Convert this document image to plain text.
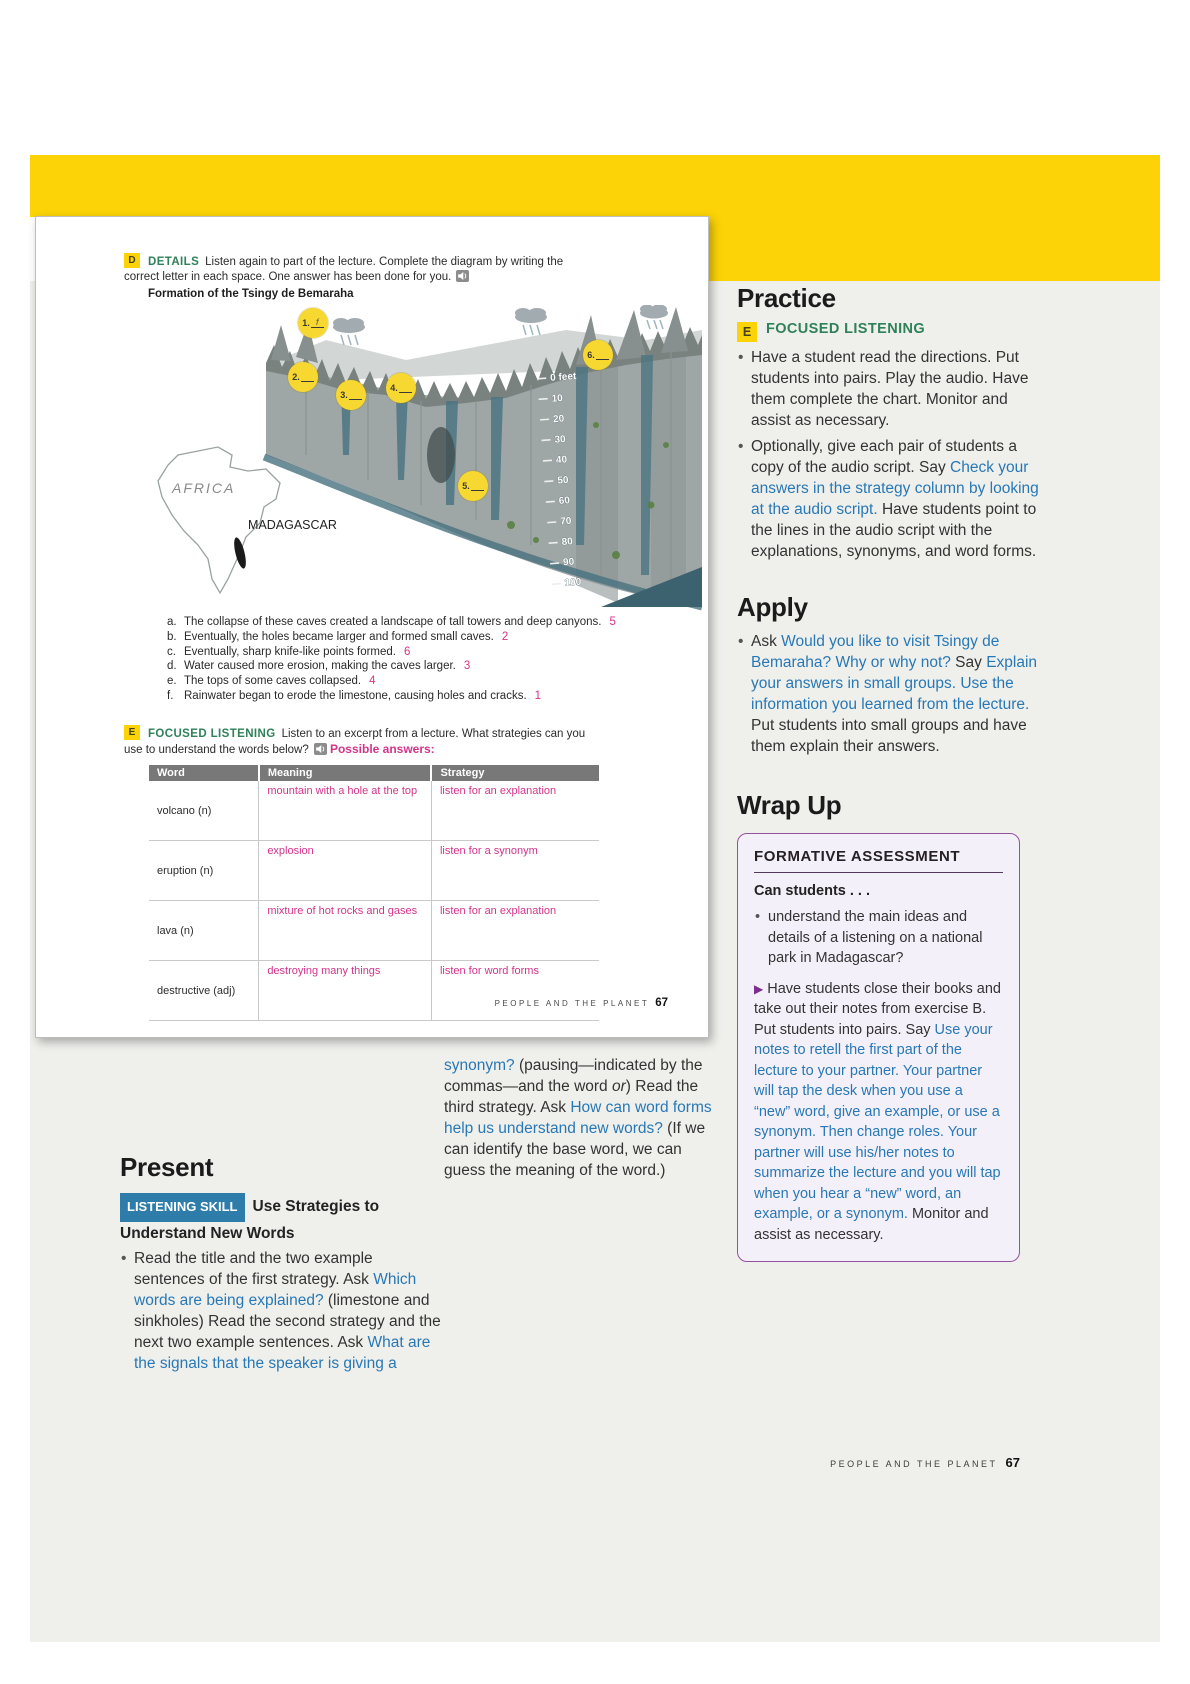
D DETAILS Listen again to part of the lecture. Complete the diagram by writing the correct letter in each space. One answer has been done for you.
Formation of the Tsingy de Bemaraha
0 feet
10
20
30
40
50
60
70
80
90
100
AFRICA
MADAGASCAR
1. f
2.
3.
4.
5.
6.
a. The collapse of these caves created a landscape of tall towers and deep canyons. 5
b. Eventually, the holes became larger and formed small caves. 2
c. Eventually, sharp knife-like points formed. 6
d. Water caused more erosion, making the caves larger. 3
e. The tops of some caves collapsed. 4
f. Rainwater began to erode the limestone, causing holes and cracks. 1
E FOCUSED LISTENING Listen to an excerpt from a lecture. What strategies can you use to understand the words below? Possible answers:
Word	Meaning	Strategy
volcano (n)	mountain with a hole at the top	listen for an explanation
eruption (n)	explosion	listen for a synonym
lava (n)	mixture of hot rocks and gases	listen for an explanation
destructive (adj)	destroying many things	listen for word forms
PEOPLE AND THE PLANET 67
Practice
E FOCUSED LISTENING
• Have a student read the directions. Put students into pairs. Play the audio. Have them complete the chart. Monitor and assist as necessary.
• Optionally, give each pair of students a copy of the audio script. Say Check your answers in the strategy column by looking at the audio script. Have students point to the lines in the audio script with the explanations, synonyms, and word forms.
Apply
• Ask Would you like to visit Tsingy de Bemaraha? Why or why not? Say Explain your answers in small groups. Use the information you learned from the lecture. Put students into small groups and have them explain their answers.
Wrap Up
FORMATIVE ASSESSMENT
Can students . . .
• understand the main ideas and details of a listening on a national park in Madagascar?
▶ Have students close their books and take out their notes from exercise B. Put students into pairs. Say Use your notes to retell the first part of the lecture to your partner. Your partner will tap the desk when you use a “new” word, give an example, or use a synonym. Then change roles. Your partner will use his/her notes to summarize the lecture and you will tap when you hear a “new” word, an example, or a synonym. Monitor and assist as necessary.
Present
LISTENING SKILL Use Strategies to Understand New Words
• Read the title and the two example sentences of the first strategy. Ask Which words are being explained? (limestone and sinkholes) Read the second strategy and the next two example sentences. Ask What are the signals that the speaker is giving a
synonym? (pausing—indicated by the commas—and the word or) Read the third strategy. Ask How can word forms help us understand new words? (If we can identify the base word, we can guess the meaning of the word.)
PEOPLE AND THE PLANET 67
